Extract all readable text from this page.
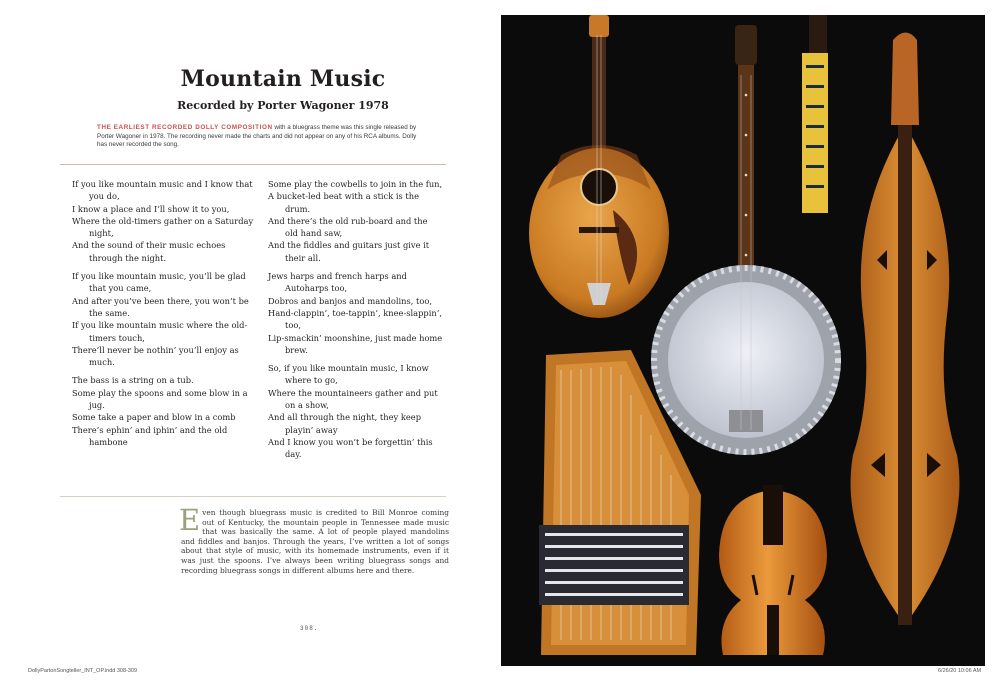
Mountain Music
Recorded by Porter Wagoner 1978

THE EARLIEST RECORDED DOLLY COMPOSITION with a bluegrass theme was this single released by Porter Wagoner in 1978. The recording never made the charts and did not appear on any of his RCA albums. Dolly has never recorded the song.

If you like mountain music and I know that you do,
I know a place and I’ll show it to you,
Where the old-timers gather on a Saturday night,
And the sound of their music echoes through the night.

If you like mountain music, you’ll be glad that you came,
And after you’ve been there, you won’t be the same.
If you like mountain music where the old-timers touch,
There’ll never be nothin’ you’ll enjoy as much.

The bass is a string on a tub.
Some play the spoons and some blow in a jug.
Some take a paper and blow in a comb
There’s ephin’ and iphin’ and the old hambone

Some play the cowbells to join in the fun,
A bucket-led beat with a stick is the drum.
And there’s the old rub-board and the old hand saw,
And the fiddles and guitars just give it their all.

Jews harps and french harps and Autoharps too,
Dobros and banjos and mandolins, too,
Hand-clappin’, toe-tappin’, knee-slappin’, too,
Lip-smackin’ moonshine, just made home brew.

So, if you like mountain music, I know where to go,
Where the mountaineers gather and put on a show,
And all through the night, they keep playin’ away
And I know you won’t be forgettin’ this day.

Even though bluegrass music is credited to Bill Monroe coming out of Kentucky, the mountain people in Tennessee made music that was basically the same. A lot of people played mandolins and fiddles and banjos. Through the years, I’ve written a lot of songs about that style of music, with its homemade instruments, even if it was just the spoons. I’ve always been writing bluegrass songs and recording bluegrass songs in different albums here and there.

308.
DollyPartonSongteller_INT_OP.indd 308-309	6/26/20 10:06 AM
